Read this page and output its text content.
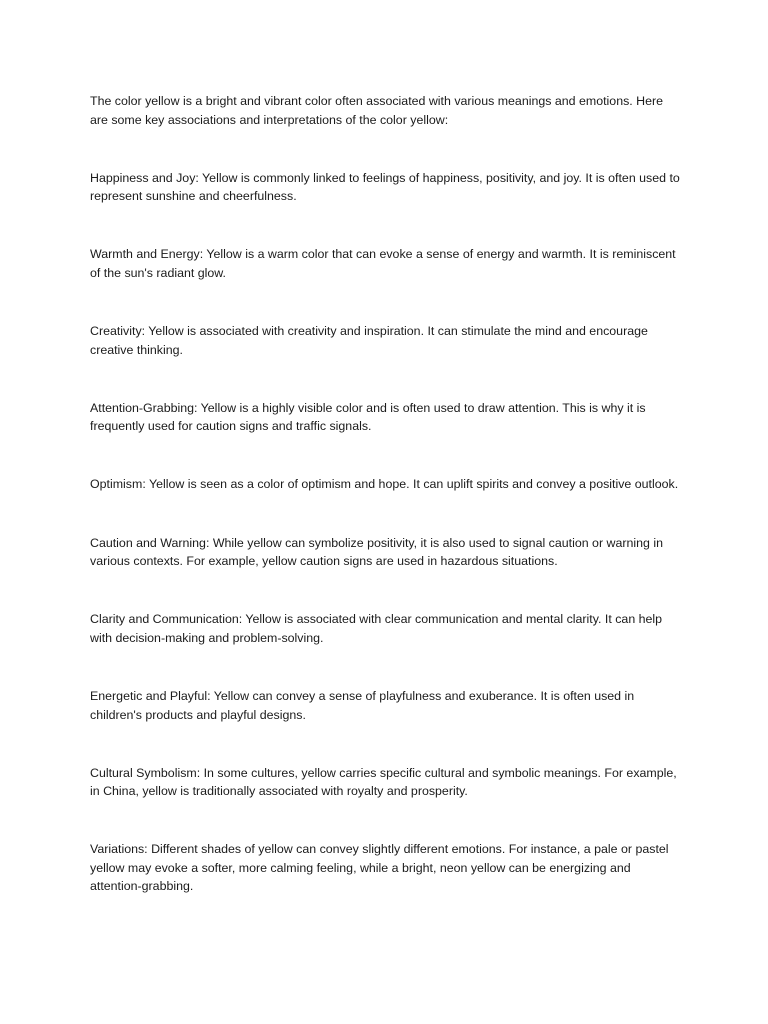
The color yellow is a bright and vibrant color often associated with various meanings and emotions. Here are some key associations and interpretations of the color yellow:

Happiness and Joy: Yellow is commonly linked to feelings of happiness, positivity, and joy. It is often used to represent sunshine and cheerfulness.

Warmth and Energy: Yellow is a warm color that can evoke a sense of energy and warmth. It is reminiscent of the sun's radiant glow.

Creativity: Yellow is associated with creativity and inspiration. It can stimulate the mind and encourage creative thinking.

Attention-Grabbing: Yellow is a highly visible color and is often used to draw attention. This is why it is frequently used for caution signs and traffic signals.

Optimism: Yellow is seen as a color of optimism and hope. It can uplift spirits and convey a positive outlook.

Caution and Warning: While yellow can symbolize positivity, it is also used to signal caution or warning in various contexts. For example, yellow caution signs are used in hazardous situations.

Clarity and Communication: Yellow is associated with clear communication and mental clarity. It can help with decision-making and problem-solving.

Energetic and Playful: Yellow can convey a sense of playfulness and exuberance. It is often used in children's products and playful designs.

Cultural Symbolism: In some cultures, yellow carries specific cultural and symbolic meanings. For example, in China, yellow is traditionally associated with royalty and prosperity.

Variations: Different shades of yellow can convey slightly different emotions. For instance, a pale or pastel yellow may evoke a softer, more calming feeling, while a bright, neon yellow can be energizing and attention-grabbing.
